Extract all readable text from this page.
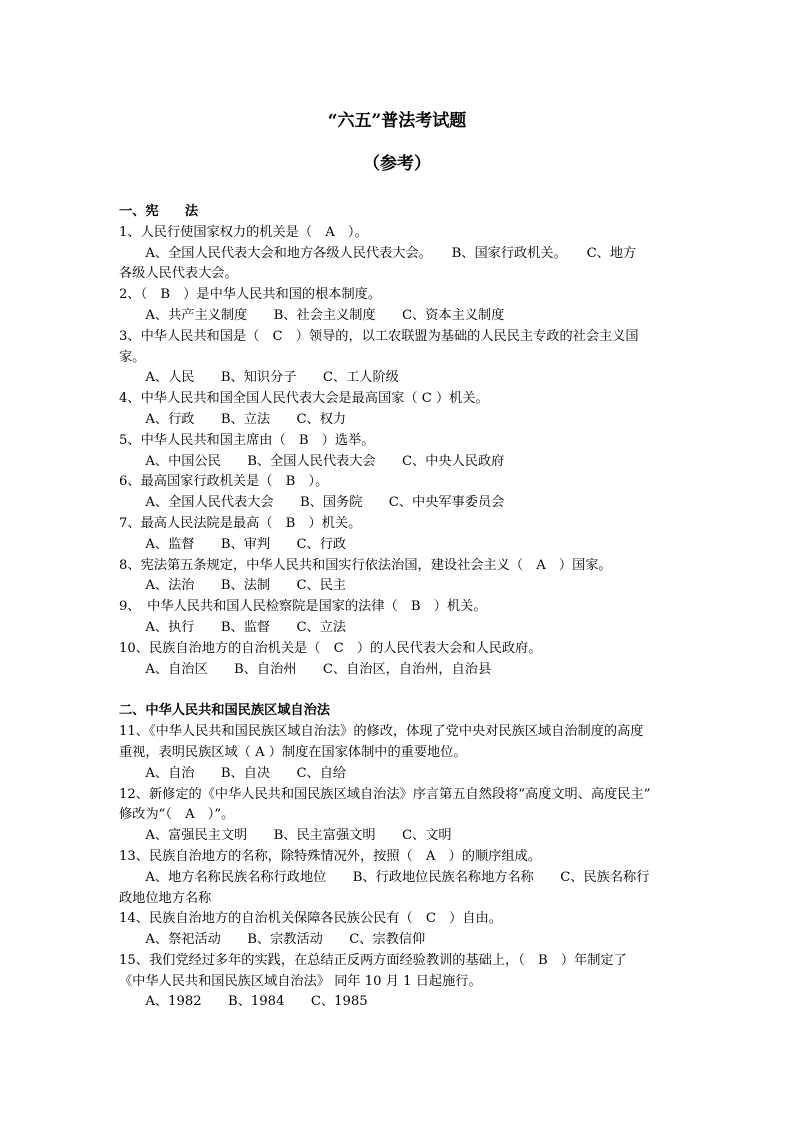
“六五”普法考试题
（参考）
一、宪　　法
1、人民行使国家权力的机关是（　A　）。
　　A、全国人民代表大会和地方各级人民代表大会。　　B、国家行政机关。　　C、地方
各级人民代表大会。
2、（　B　）是中华人民共和国的根本制度。
　　A、共产主义制度　　B、社会主义制度　　C、资本主义制度
3、中华人民共和国是（　C　）领导的，以工农联盟为基础的人民民主专政的社会主义国
家。
　　A、人民　　B、知识分子　　C、工人阶级
4、中华人民共和国全国人民代表大会是最高国家（ C ）机关。
　　A、行政　　B、立法　　C、权力
5、中华人民共和国主席由（　B　）选举。
　　A、中国公民　　B、全国人民代表大会　　C、中央人民政府
6、最高国家行政机关是（　B　）。
　　A、全国人民代表大会　　B、国务院　　C、中央军事委员会
7、最高人民法院是最高（　B　）机关。
　　A、监督　　B、审判　　C、行政
8、宪法第五条规定，中华人民共和国实行依法治国，建设社会主义（　A　）国家。
　　A、法治　　B、法制　　C、民主
9、　中华人民共和国人民检察院是国家的法律（　B　）机关。
　　A、执行　　B、监督　　C、立法
10、民族自治地方的自治机关是（　C　）的人民代表大会和人民政府。
　　A、自治区　　B、自治州　　C、自治区，自治州，自治县
二、中华人民共和国民族区域自治法
11、《中华人民共和国民族区域自治法》的修改，体现了党中央对民族区域自治制度的高度
重视，表明民族区域（ A ）制度在国家体制中的重要地位。
　　A、自治　　B、自决　　C、自给
12、新修定的《中华人民共和国民族区域自治法》序言第五自然段将“高度文明、高度民主”
修改为“（　A　）”。
　　A、富强民主文明　　B、民主富强文明　　C、文明
13、民族自治地方的名称，除特殊情况外，按照（　A　）的顺序组成。
　　A、地方名称民族名称行政地位　　B、行政地位民族名称地方名称　　C、民族名称行
政地位地方名称
14、民族自治地方的自治机关保障各民族公民有（　C　）自由。
　　A、祭祀活动　　B、宗教活动　　C、宗教信仰
15、我们党经过多年的实践，在总结正反两方面经验教训的基础上，（　B　）年制定了
《中华人民共和国民族区域自治法》 同年 10 月 1 日起施行。
　　A、1982　　B、1984　　C、1985
